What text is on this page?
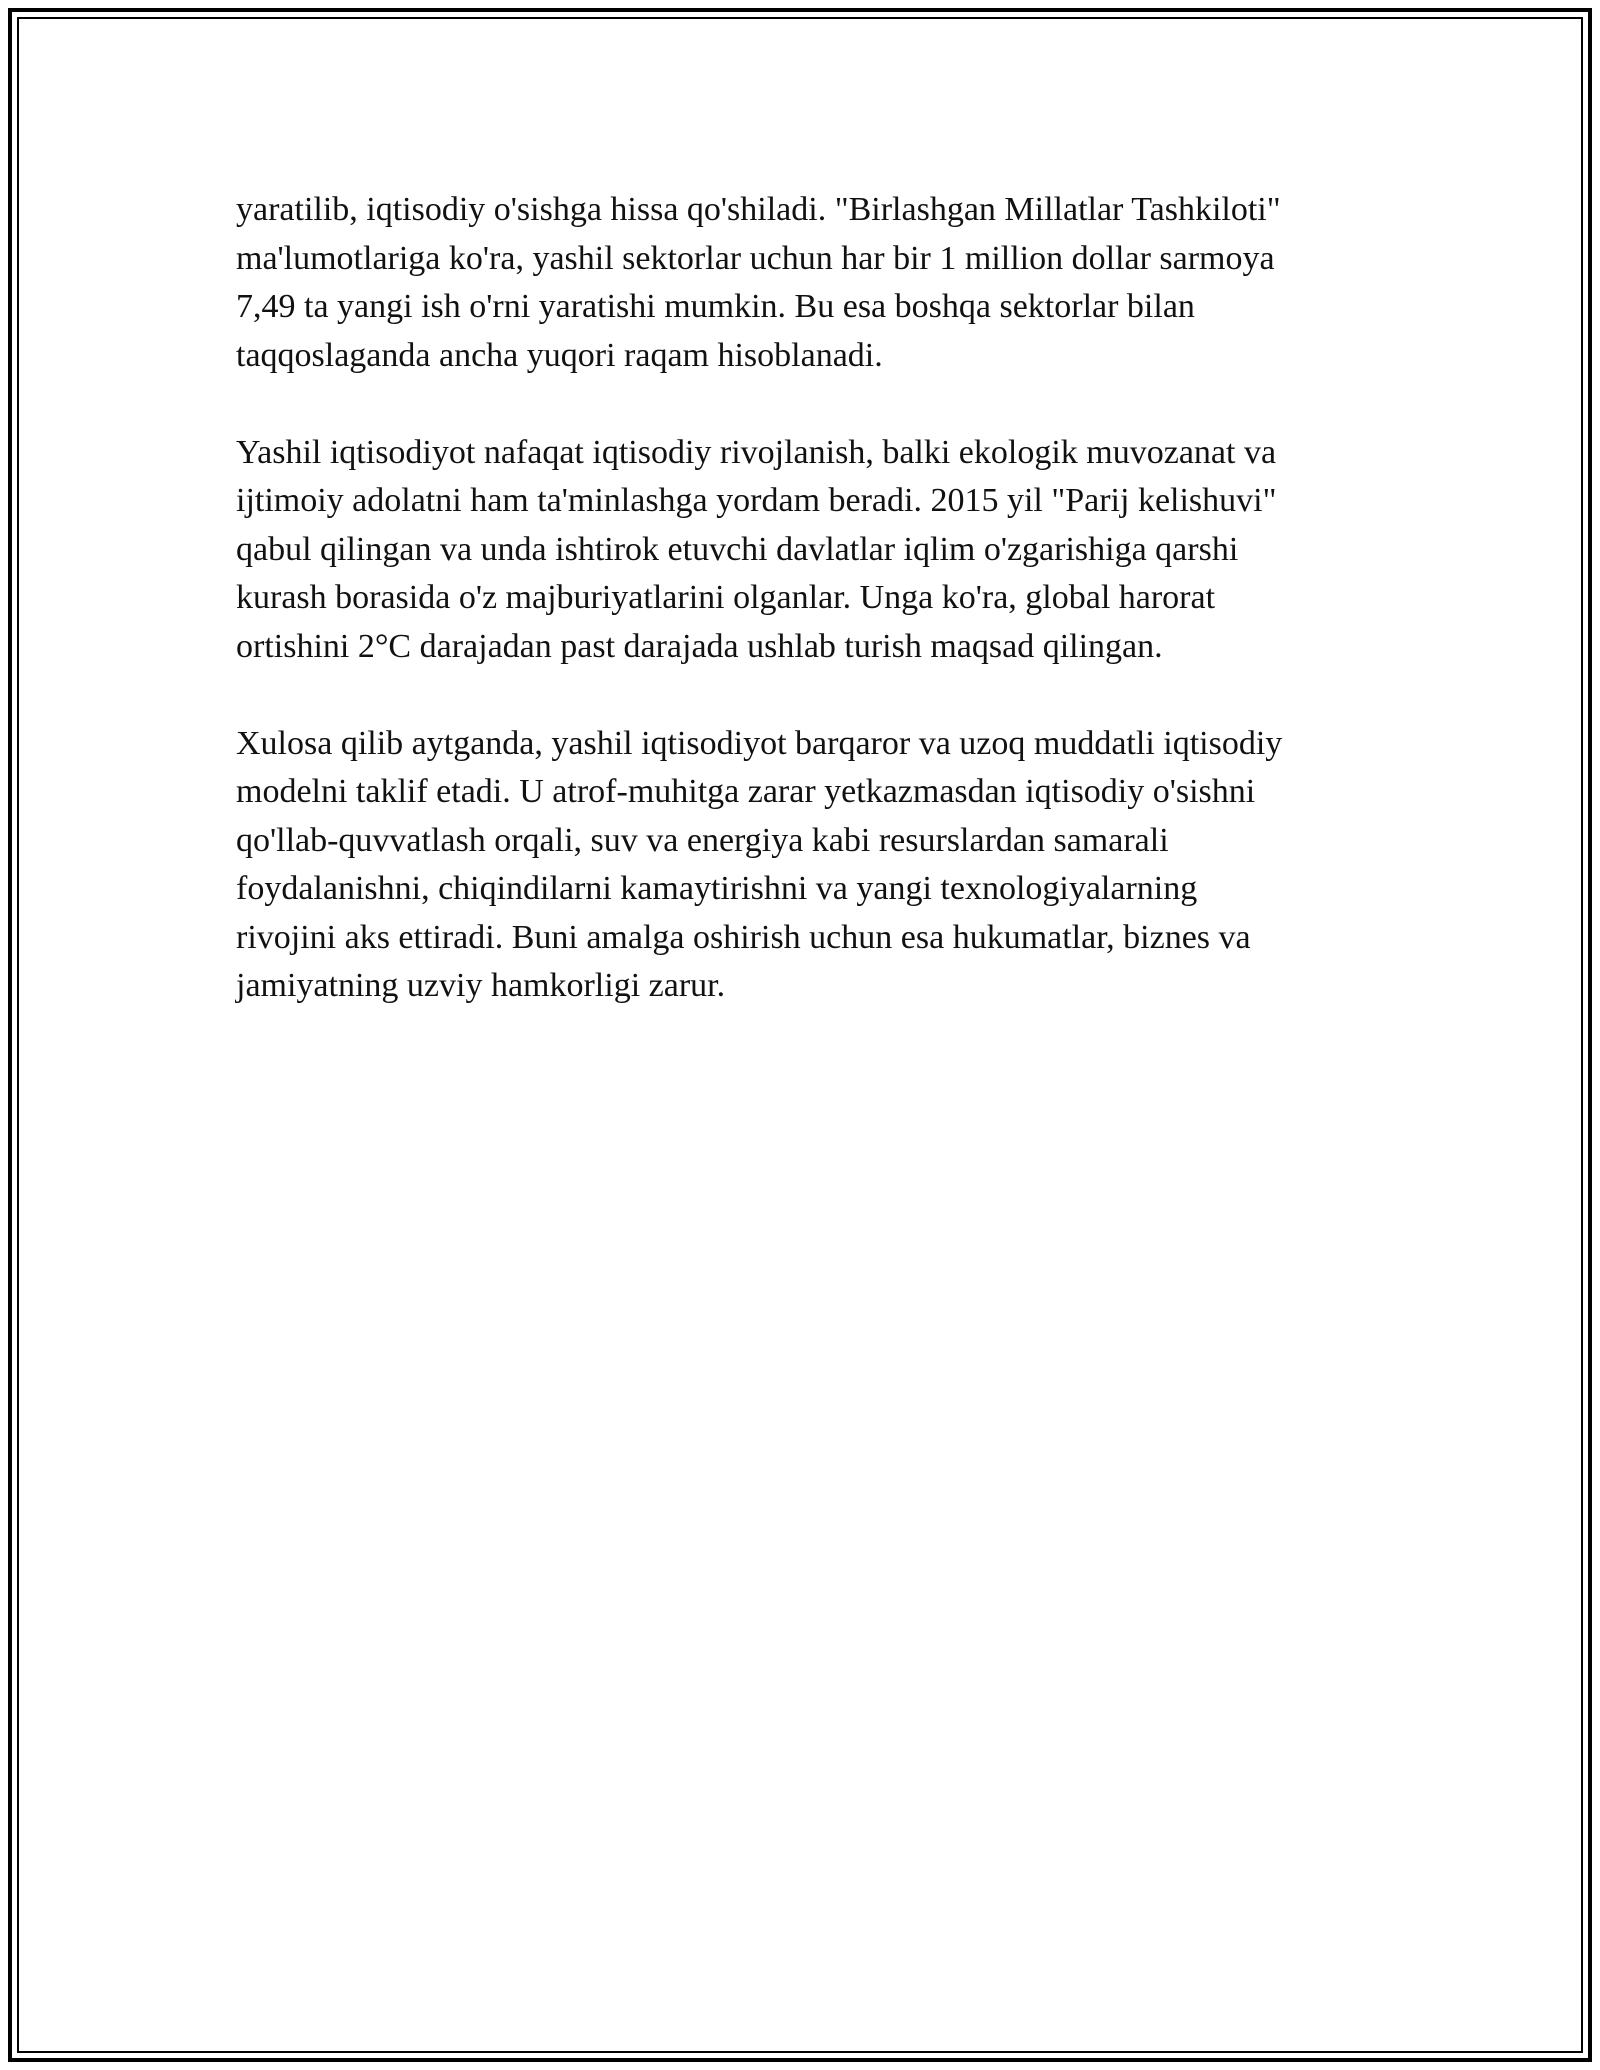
yaratilib, iqtisodiy o'sishga hissa qo'shiladi. "Birlashgan Millatlar Tashkiloti"
ma'lumotlariga ko'ra, yashil sektorlar uchun har bir 1 million dollar sarmoya
7,49 ta yangi ish o'rni yaratishi mumkin. Bu esa boshqa sektorlar bilan
taqqoslaganda ancha yuqori raqam hisoblanadi.

Yashil iqtisodiyot nafaqat iqtisodiy rivojlanish, balki ekologik muvozanat va
ijtimoiy adolatni ham ta'minlashga yordam beradi. 2015 yil "Parij kelishuvi"
qabul qilingan va unda ishtirok etuvchi davlatlar iqlim o'zgarishiga qarshi
kurash borasida o'z majburiyatlarini olganlar. Unga ko'ra, global harorat
ortishini 2°C darajadan past darajada ushlab turish maqsad qilingan.

Xulosa qilib aytganda, yashil iqtisodiyot barqaror va uzoq muddatli iqtisodiy
modelni taklif etadi. U atrof-muhitga zarar yetkazmasdan iqtisodiy o'sishni
qo'llab-quvvatlash orqali, suv va energiya kabi resurslardan samarali
foydalanishni, chiqindilarni kamaytirishni va yangi texnologiyalarning
rivojini aks ettiradi. Buni amalga oshirish uchun esa hukumatlar, biznes va
jamiyatning uzviy hamkorligi zarur.
